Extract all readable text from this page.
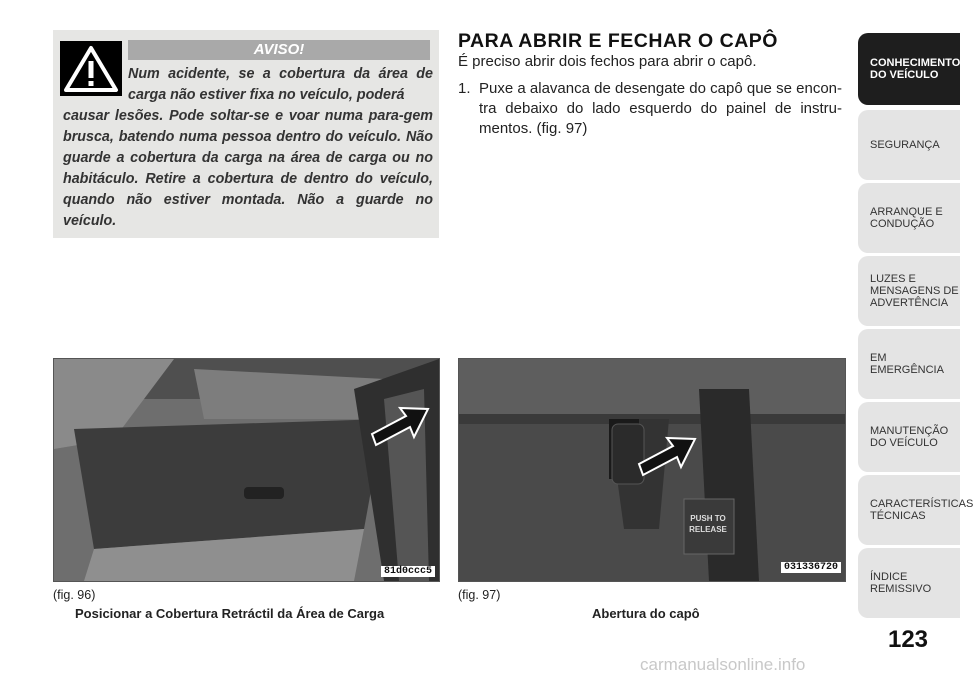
AVISO!
Num acidente, se a cobertura da área de carga não estiver fixa no veículo, poderá
causar lesões. Pode soltar-se e voar numa para-gem brusca, batendo numa pessoa dentro do veículo. Não guarde a cobertura da carga na área de carga ou no habitáculo. Retire a cobertura de dentro do veículo, quando não estiver montada. Não a guarde no veículo.
PARA ABRIR E FECHAR O CAPÔ
É preciso abrir dois fechos para abrir o capô.
1. Puxe a alavanca de desengate do capô que se encon-tra debaixo do lado esquerdo do painel de instru-mentos. (fig. 97)
81d0ccc5
(fig. 96)
Posicionar a Cobertura Retráctil da Área de Carga
PUSH TO
RELEASE
031336720
(fig. 97)
Abertura do capô
CONHECIMENTO DO VEÍCULO
SEGURANÇA
ARRANQUE E CONDUÇÃO
LUZES E MENSAGENS DE ADVERTÊNCIA
EM EMERGÊNCIA
MANUTENÇÃO DO VEÍCULO
CARACTERÍSTICAS TÉCNICAS
ÍNDICE REMISSIVO
123
carmanualsonline.info
